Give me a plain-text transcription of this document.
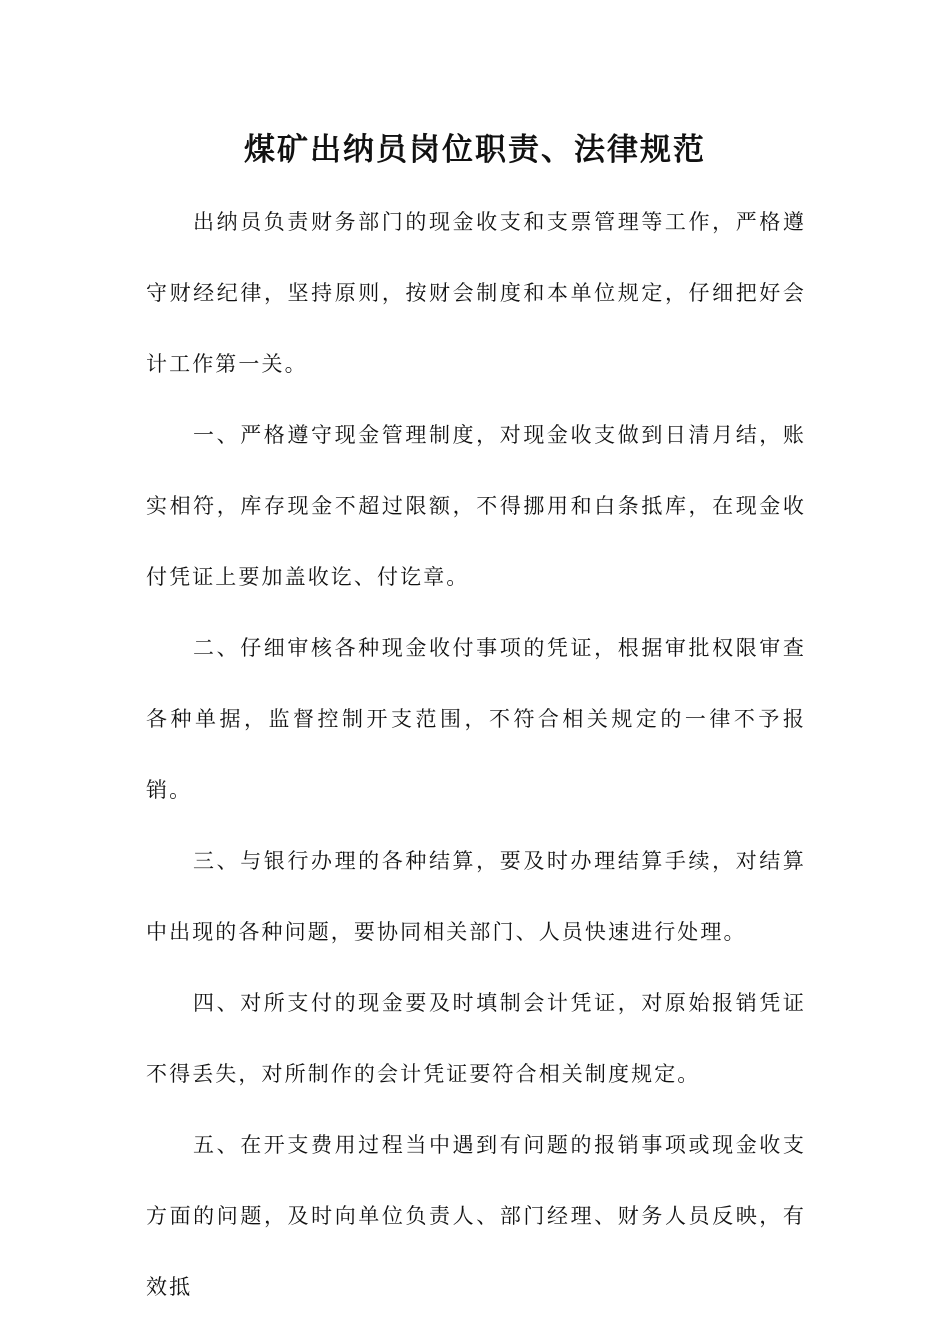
煤矿出纳员岗位职责、法律规范

出纳员负责财务部门的现金收支和支票管理等工作，严格遵守财经纪律，坚持原则，按财会制度和本单位规定，仔细把好会计工作第一关。

一、严格遵守现金管理制度，对现金收支做到日清月结，账实相符，库存现金不超过限额，不得挪用和白条抵库，在现金收付凭证上要加盖收讫、付讫章。

二、仔细审核各种现金收付事项的凭证，根据审批权限审查各种单据，监督控制开支范围，不符合相关规定的一律不予报销。

三、与银行办理的各种结算，要及时办理结算手续，对结算中出现的各种问题，要协同相关部门、人员快速进行处理。

四、对所支付的现金要及时填制会计凭证，对原始报销凭证不得丢失，对所制作的会计凭证要符合相关制度规定。

五、在开支费用过程当中遇到有问题的报销事项或现金收支方面的问题，及时向单位负责人、部门经理、财务人员反映，有效抵
